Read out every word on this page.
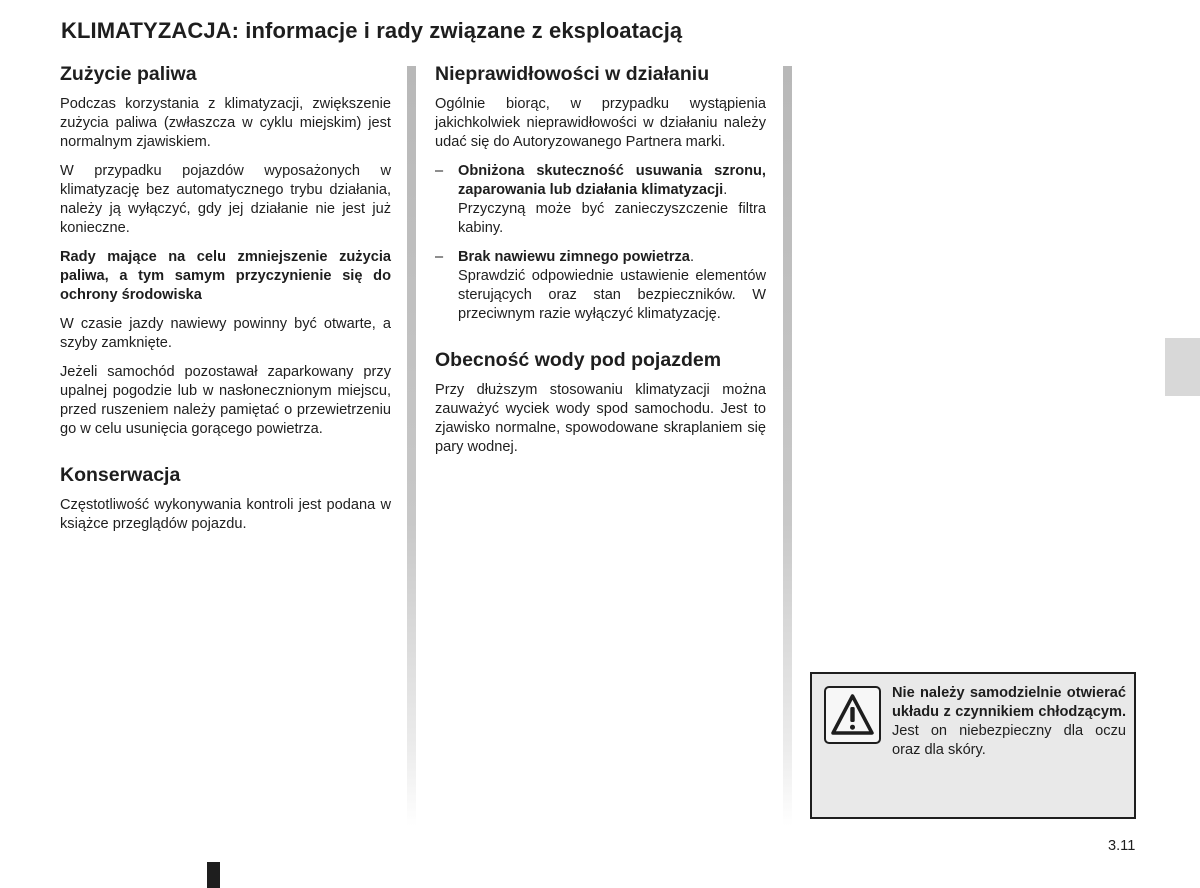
KLIMATYZACJA: informacje i rady związane z eksploatacją
Zużycie paliwa

Podczas korzystania z klimatyzacji, zwiększenie zużycia paliwa (zwłaszcza w cyklu miejskim) jest normalnym zjawiskiem.

W przypadku pojazdów wyposażonych w klimatyzację bez automatycznego trybu działania, należy ją wyłączyć, gdy jej działanie nie jest już konieczne.

Rady mające na celu zmniejszenie zużycia paliwa, a tym samym przyczynienie się do ochrony środowiska

W czasie jazdy nawiewy powinny być otwarte, a szyby zamknięte.

Jeżeli samochód pozostawał zaparkowany przy upalnej pogodzie lub w nasłonecznionym miejscu, przed ruszeniem należy pamiętać o przewietrzeniu go w celu usunięcia gorącego powietrza.

Konserwacja

Częstotliwość wykonywania kontroli jest podana w książce przeglądów pojazdu.

Nieprawidłowości w działaniu

Ogólnie biorąc, w przypadku wystąpienia jakichkolwiek nieprawidłowości w działaniu należy udać się do Autoryzowanego Partnera marki.

– Obniżona skuteczność usuwania szronu, zaparowania lub działania klimatyzacji.
Przyczyną może być zanieczyszczenie filtra kabiny.
– Brak nawiewu zimnego powietrza.
Sprawdzić odpowiednie ustawienie elementów sterujących oraz stan bezpieczników. W przeciwnym razie wyłączyć klimatyzację.
Obecność wody pod pojazdem

Przy dłuższym stosowaniu klimatyzacji można zauważyć wyciek wody spod samochodu. Jest to zjawisko normalne, spowodowane skraplaniem się pary wodnej.

Nie należy samodzielnie otwierać układu z czynnikiem chłodzącym. Jest on niebezpieczny dla oczu oraz dla skóry.
3.11
